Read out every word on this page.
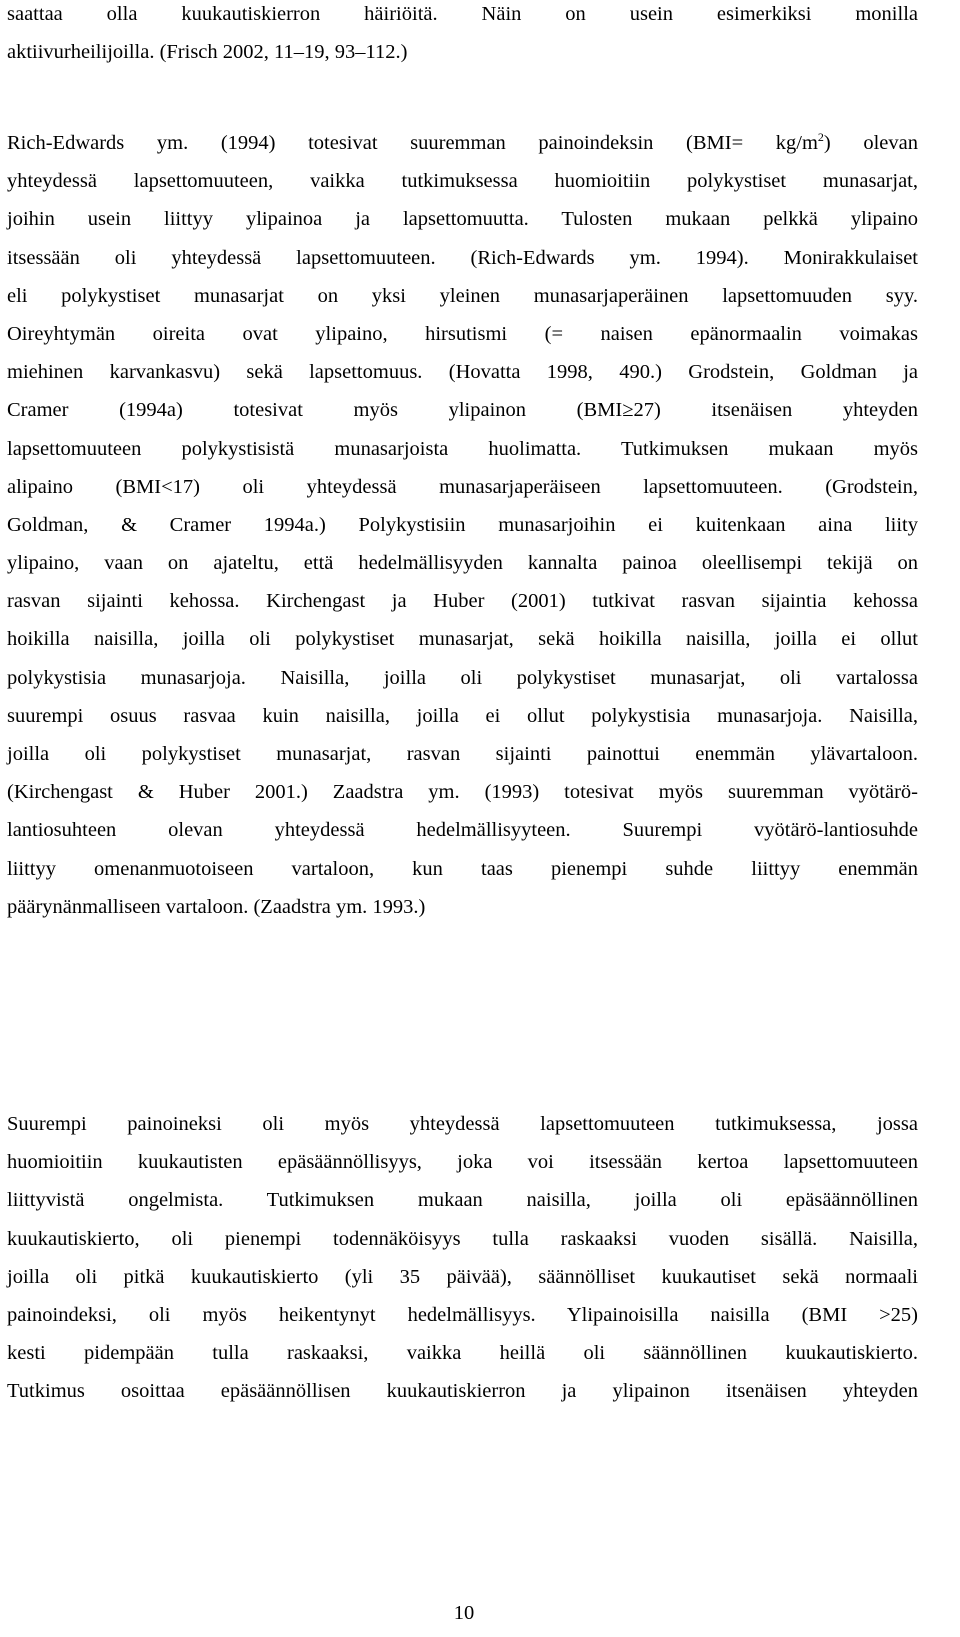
saattaa olla kuukautiskierron häiriöitä. Näin on usein esimerkiksi monilla
aktiivurheilijoilla. (Frisch 2002, 11–19, 93–112.)
Rich-Edwards ym. (1994) totesivat suuremman painoindeksin $(BMI= kg/m^2)$ olevan
yhteydessä lapsettomuuteen, vaikka tutkimuksessa huomioitiin polykystiset munasarjat,
joihin usein liittyy ylipainoa ja lapsettomuutta. Tulosten mukaan pelkkä ylipaino
itsessään oli yhteydessä lapsettomuuteen. (Rich-Edwards ym. 1994). Monirakkulaiset
eli polykystiset munasarjat on yksi yleinen munasarjaperäinen lapsettomuuden syy.
Oireyhtymän oireita ovat ylipaino, hirsutismi (= naisen epänormaalin voimakas
miehinen karvankasvu) sekä lapsettomuus. (Hovatta 1998, 490.) Grodstein, Goldman ja
Cramer (1994a) totesivat myös ylipainon (BMI≥27) itsenäisen yhteyden
lapsettomuuteen polykystisistä munasarjoista huolimatta. Tutkimuksen mukaan myös
alipaino (BMI<17) oli yhteydessä munasarjaperäiseen lapsettomuuteen. (Grodstein,
Goldman, & Cramer 1994a.) Polykystisiin munasarjoihin ei kuitenkaan aina liity
ylipaino, vaan on ajateltu, että hedelmällisyyden kannalta painoa oleellisempi tekijä on
rasvan sijainti kehossa. Kirchengast ja Huber (2001) tutkivat rasvan sijaintia kehossa
hoikilla naisilla, joilla oli polykystiset munasarjat, sekä hoikilla naisilla, joilla ei ollut
polykystisia munasarjoja. Naisilla, joilla oli polykystiset munasarjat, oli vartalossa
suurempi osuus rasvaa kuin naisilla, joilla ei ollut polykystisia munasarjoja. Naisilla,
joilla oli polykystiset munasarjat, rasvan sijainti painottui enemmän ylävartaloon.
(Kirchengast & Huber 2001.) Zaadstra ym. (1993) totesivat myös suuremman vyötärö-
lantiosuhteen olevan yhteydessä hedelmällisyyteen. Suurempi vyötärö-lantiosuhde
liittyy omenanmuotoiseen vartaloon, kun taas pienempi suhde liittyy enemmän
päärynänmalliseen vartaloon. (Zaadstra ym. 1993.)
Suurempi painoineksi oli myös yhteydessä lapsettomuuteen tutkimuksessa, jossa
huomioitiin kuukautisten epäsäännöllisyys, joka voi itsessään kertoa lapsettomuuteen
liittyvistä ongelmista. Tutkimuksen mukaan naisilla, joilla oli epäsäännöllinen
kuukautiskierto, oli pienempi todennäköisyys tulla raskaaksi vuoden sisällä. Naisilla,
joilla oli pitkä kuukautiskierto (yli 35 päivää), säännölliset kuukautiset sekä normaali
painoindeksi, oli myös heikentynyt hedelmällisyys. Ylipainoisilla naisilla (BMI >25)
kesti pidempään tulla raskaaksi, vaikka heillä oli säännöllinen kuukautiskierto.
Tutkimus osoittaa epäsäännöllisen kuukautiskierron ja ylipainon itsenäisen yhteyden
10
